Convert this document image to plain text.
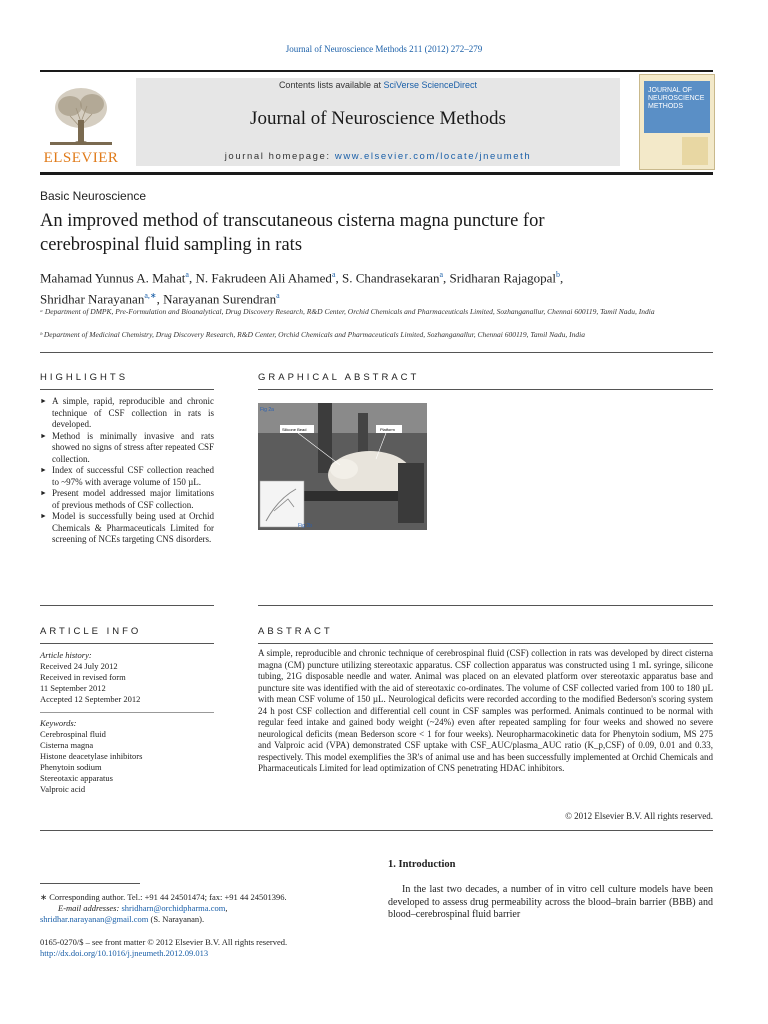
Journal of Neuroscience Methods 211 (2012) 272–279
ELSEVIER
Contents lists available at SciVerse ScienceDirect
Journal of Neuroscience Methods
journal homepage: www.elsevier.com/locate/jneumeth
JOURNAL OF NEUROSCIENCE METHODS
Basic Neuroscience
An improved method of transcutaneous cisterna magna puncture for
cerebrospinal fluid sampling in rats
Mahamad Yunnus A. Mahat$^a$, N. Fakrudeen Ali Ahamed$^a$, S. Chandrasekaran$^a$, Sridharan Rajagopal$^b$,
Shridhar Narayanan$^{a,∗}$, Narayanan Surendran$^a$
ᵃ Department of DMPK, Pre-Formulation and Bioanalytical, Drug Discovery Research, R&D Center, Orchid Chemicals and Pharmaceuticals Limited, Sozhanganallur, Chennai 600119, Tamil Nadu, India
ᵇ Department of Medicinal Chemistry, Drug Discovery Research, R&D Center, Orchid Chemicals and Pharmaceuticals Limited, Sozhanganallur, Chennai 600119, Tamil Nadu, India
HIGHLIGHTS
► A simple, rapid, reproducible and chronic technique of CSF collection in rats is developed.
► Method is minimally invasive and rats showed no signs of stress after repeated CSF collection.
► Index of successful CSF collection reached to ~97% with average volume of 150 µL.
► Present model addressed major limitations of previous methods of CSF collection.
► Model is successfully being used at Orchid Chemicals & Pharmaceuticals Limited for screening of NCEs targeting CNS disorders.
GRAPHICAL ABSTRACT
Fig 2a
Fig 2b
Silicone Bead	Platform
ARTICLE INFO
Article history:
Received 24 July 2012
Received in revised form
11 September 2012
Accepted 12 September 2012
Keywords:
Cerebrospinal fluid
Cisterna magna
Histone deacetylase inhibitors
Phenytoin sodium
Stereotaxic apparatus
Valproic acid
ABSTRACT
A simple, reproducible and chronic technique of cerebrospinal fluid (CSF) collection in rats was developed by direct cisterna magna (CM) puncture utilizing stereotaxic apparatus. CSF collection apparatus was constructed using 1 mL syringe, silicone tubing, 21G disposable needle and water. Animal was placed on an elevated platform over stereotaxic apparatus base and puncture site was identified with the aid of stereotaxic co-ordinates. The volume of CSF collected varied from 100 to 180 µL with mean CSF volume of 150 µL. Neurological deficits were recorded according to the modified Bederson's scoring system 24 h post CSF collection and differential cell count in CSF samples was performed. Animals continued to be normal with regular feed intake and gained body weight (~24%) even after repeated sampling for four weeks and showed no severe neurological deficits (mean Bederson score < 1 for four weeks). Neuropharmacokinetic data for Phenytoin sodium, MS 275 and Valproic acid (VPA) demonstrated CSF uptake with CSF_AUC/plasma_AUC ratio (K_p,CSF) of 0.09, 0.01 and 0.33, respectively. This model exemplifies the 3R's of animal use and has been successfully implemented at Orchid Chemicals and Pharmaceuticals Limited for lead optimization of CNS penetrating HDAC inhibitors.
© 2012 Elsevier B.V. All rights reserved.
∗ Corresponding author. Tel.: +91 44 24501474; fax: +91 44 24501396.
E-mail addresses: shridharn@orchidpharma.com,
shridhar.narayanan@gmail.com (S. Narayanan).
0165-0270/$ – see front matter © 2012 Elsevier B.V. All rights reserved.
http://dx.doi.org/10.1016/j.jneumeth.2012.09.013
1. Introduction
In the last two decades, a number of in vitro cell culture models have been developed to assess drug permeability across the blood–brain barrier (BBB) and blood–cerebrospinal fluid barrier
